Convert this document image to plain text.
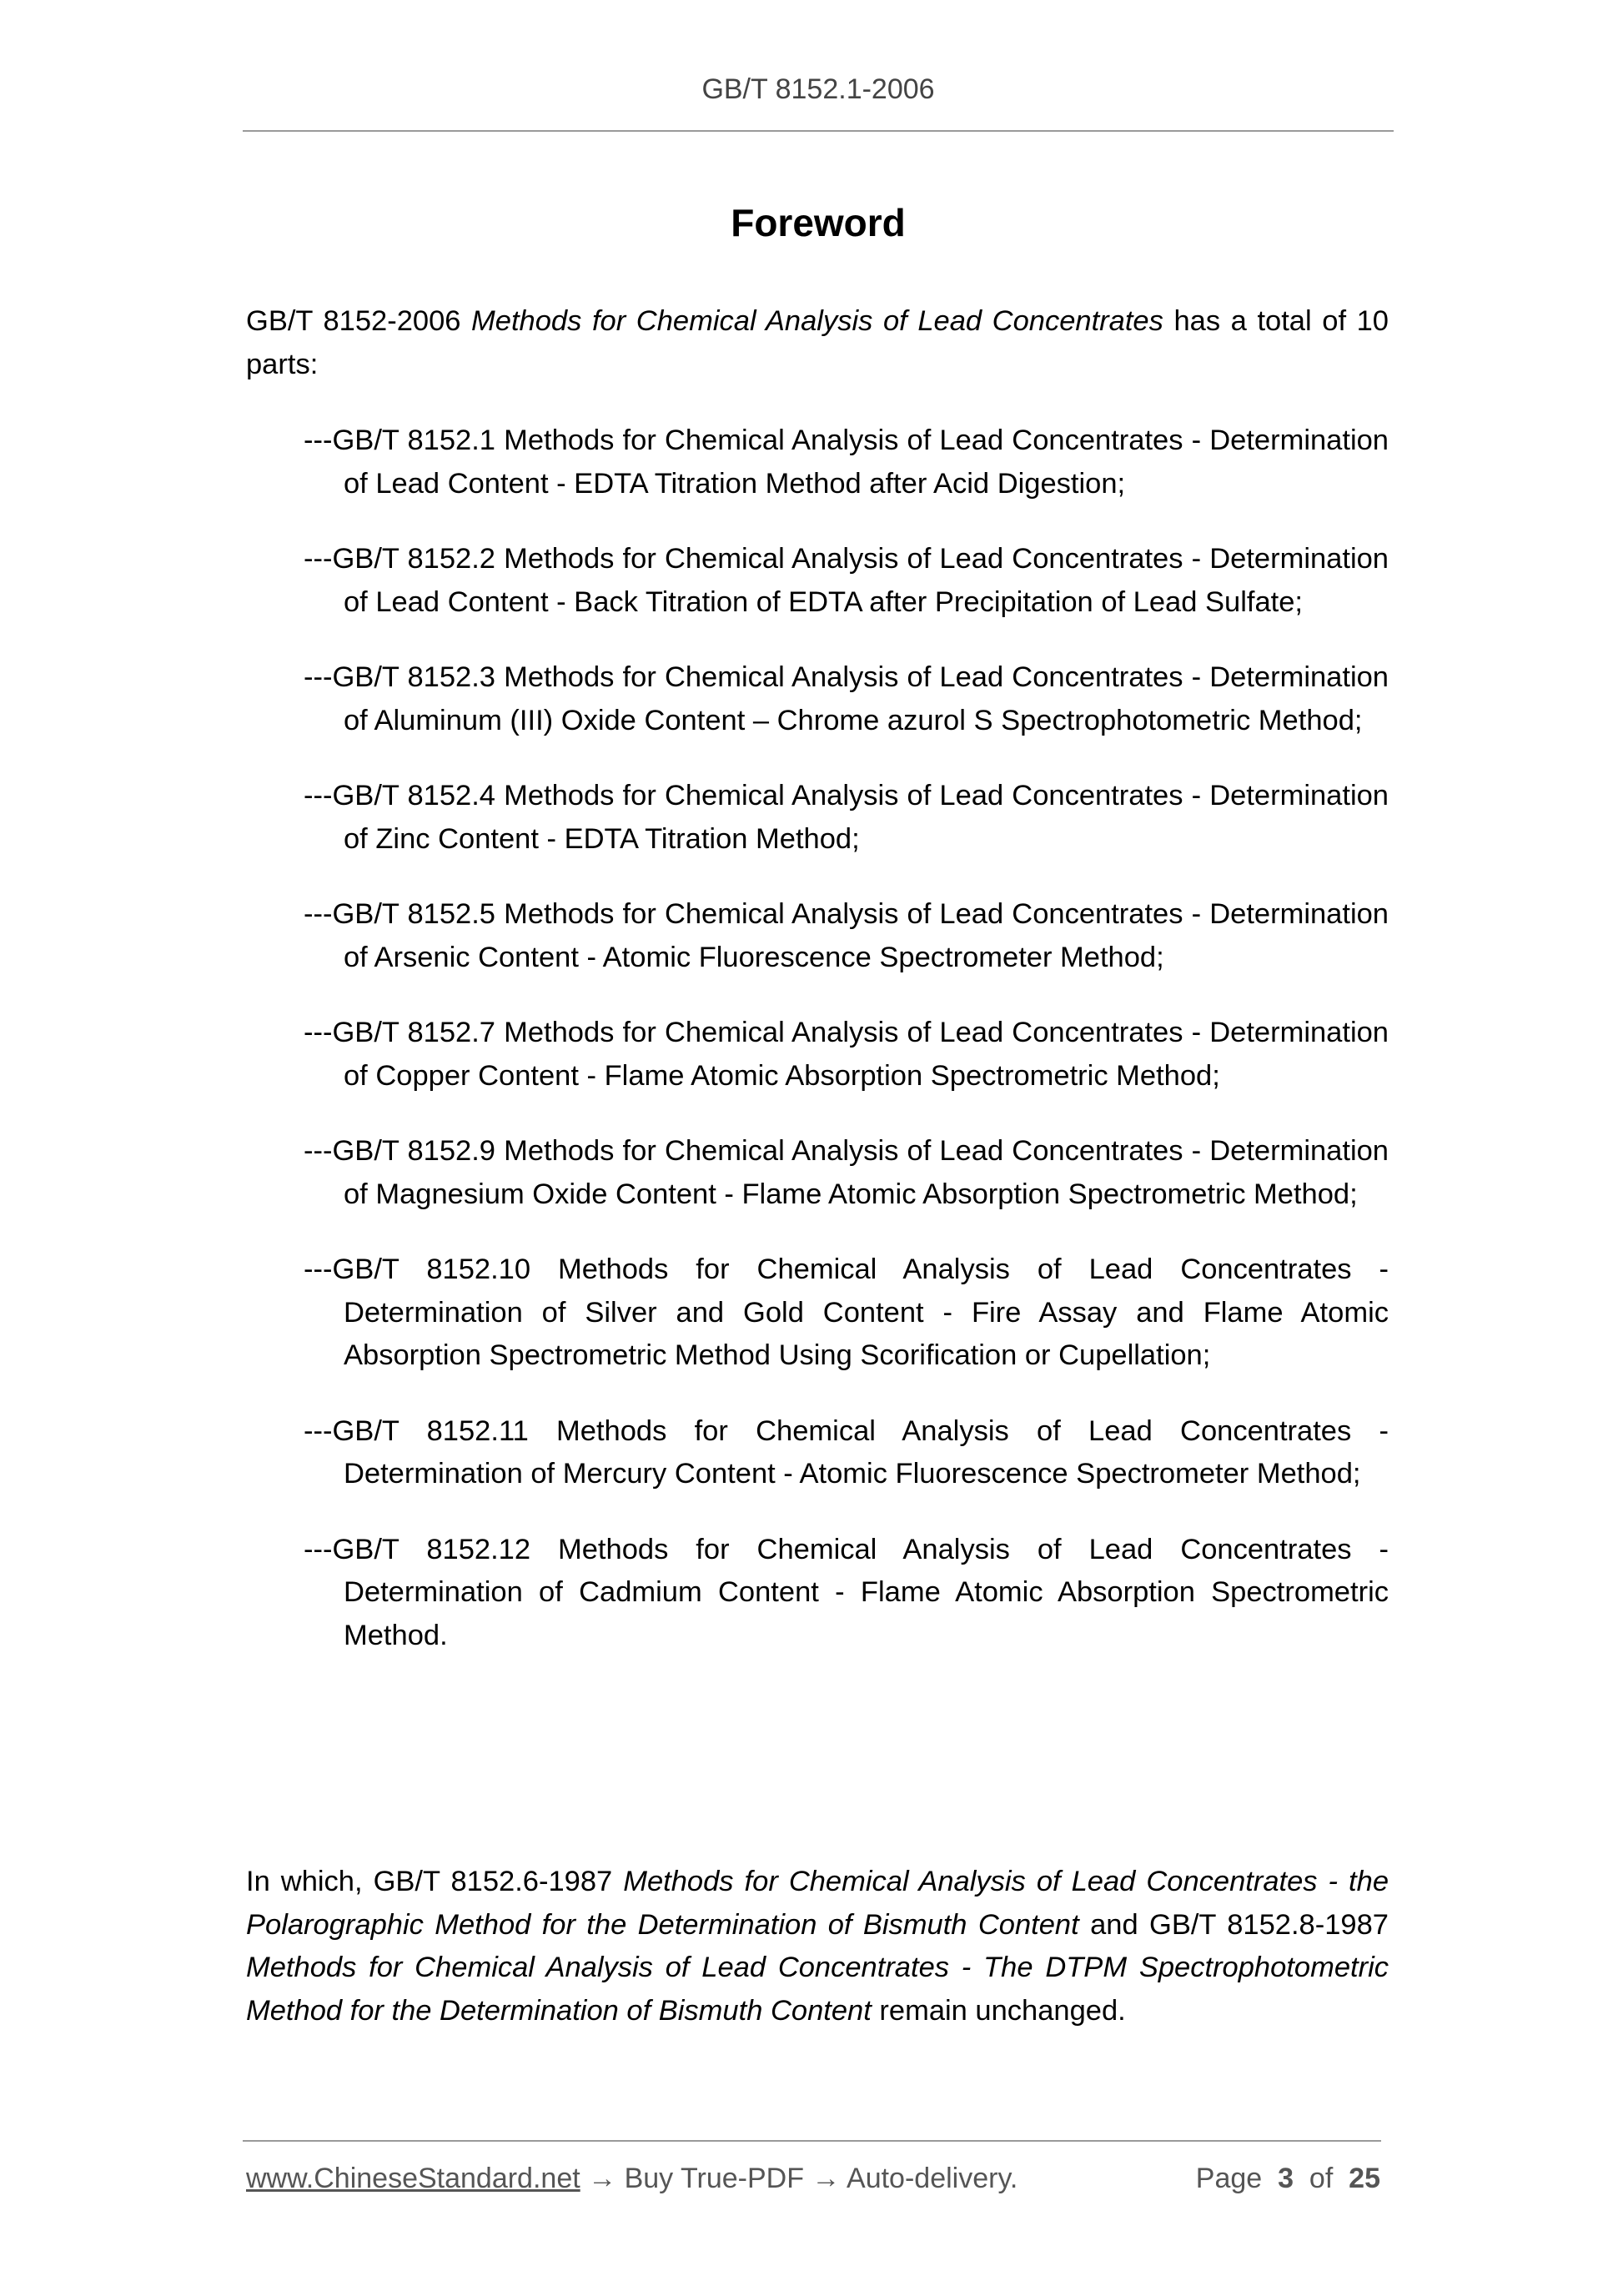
GB/T 8152.1-2006
Foreword

GB/T 8152-2006 Methods for Chemical Analysis of Lead Concentrates has a total of 10 parts:

---GB/T 8152.1 Methods for Chemical Analysis of Lead Concentrates - Determination of Lead Content - EDTA Titration Method after Acid Digestion;
---GB/T 8152.2 Methods for Chemical Analysis of Lead Concentrates - Determination of Lead Content - Back Titration of EDTA after Precipitation of Lead Sulfate;
---GB/T 8152.3 Methods for Chemical Analysis of Lead Concentrates - Determination of Aluminum (III) Oxide Content – Chrome azurol S Spectrophotometric Method;
---GB/T 8152.4 Methods for Chemical Analysis of Lead Concentrates - Determination of Zinc Content - EDTA Titration Method;
---GB/T 8152.5 Methods for Chemical Analysis of Lead Concentrates - Determination of Arsenic Content - Atomic Fluorescence Spectrometer Method;
---GB/T 8152.7 Methods for Chemical Analysis of Lead Concentrates - Determination of Copper Content - Flame Atomic Absorption Spectrometric Method;
---GB/T 8152.9 Methods for Chemical Analysis of Lead Concentrates - Determination of Magnesium Oxide Content - Flame Atomic Absorption Spectrometric Method;
---GB/T 8152.10 Methods for Chemical Analysis of Lead Concentrates - Determination of Silver and Gold Content - Fire Assay and Flame Atomic Absorption Spectrometric Method Using Scorification or Cupellation;
---GB/T 8152.11 Methods for Chemical Analysis of Lead Concentrates - Determination of Mercury Content - Atomic Fluorescence Spectrometer Method;
---GB/T 8152.12 Methods for Chemical Analysis of Lead Concentrates - Determination of Cadmium Content - Flame Atomic Absorption Spectrometric Method.

In which, GB/T 8152.6-1987 Methods for Chemical Analysis of Lead Concentrates - the Polarographic Method for the Determination of Bismuth Content and GB/T 8152.8-1987 Methods for Chemical Analysis of Lead Concentrates - The DTPM Spectrophotometric Method for the Determination of Bismuth Content remain unchanged.

www.ChineseStandard.net → Buy True-PDF → Auto-delivery.	Page 3 of 25
